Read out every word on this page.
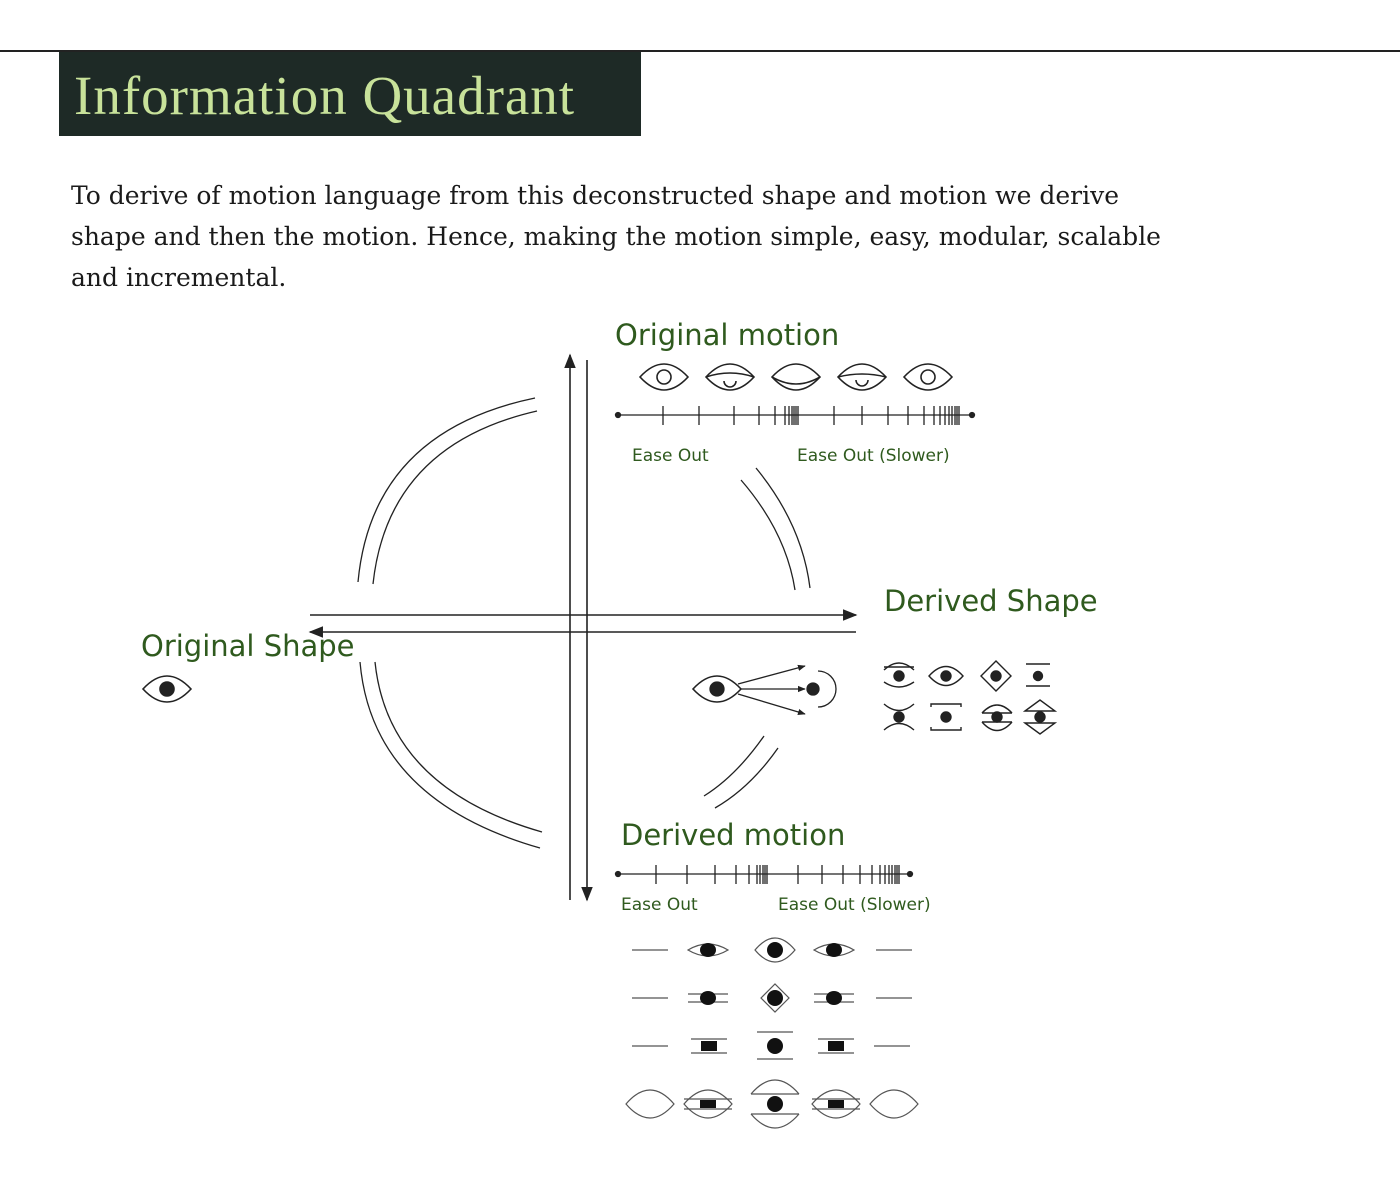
Information Quadrant

To derive of motion language from this deconstructed shape and motion we derive shape and then the motion. Hence, making the motion simple, easy, modular, scalable and incremental.

Original motion
Ease Out	Ease Out (Slower)
Derived Shape
Original Shape
Derived motion
Ease Out	Ease Out (Slower)
